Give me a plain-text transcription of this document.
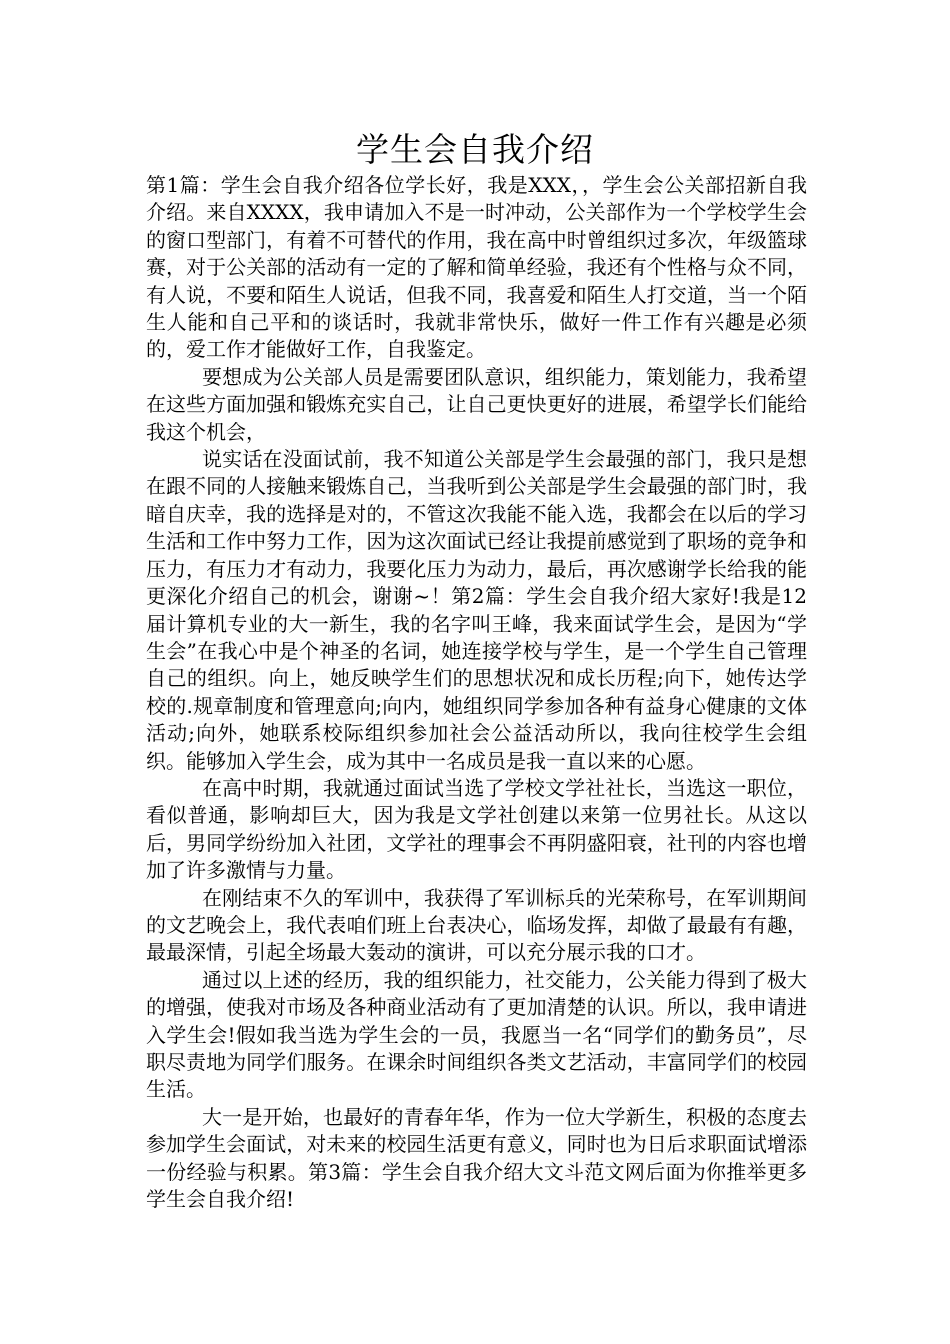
学生会自我介绍

第1篇：学生会自我介绍各位学长好，我是XXX，，学生会公关部招新自我介绍。来自XXXX，我申请加入不是一时冲动，公关部作为一个学校学生会的窗口型部门，有着不可替代的作用，我在高中时曾组织过多次，年级篮球赛，对于公关部的活动有一定的了解和简单经验，我还有个性格与众不同，有人说，不要和陌生人说话，但我不同，我喜爱和陌生人打交道，当一个陌生人能和自己平和的谈话时，我就非常快乐，做好一件工作有兴趣是必须的，爱工作才能做好工作，自我鉴定。

要想成为公关部人员是需要团队意识，组织能力，策划能力，我希望在这些方面加强和锻炼充实自己，让自己更快更好的进展，希望学长们能给我这个机会，

说实话在没面试前，我不知道公关部是学生会最强的部门，我只是想在跟不同的人接触来锻炼自己，当我听到公关部是学生会最强的部门时，我暗自庆幸，我的选择是对的，不管这次我能不能入选，我都会在以后的学习生活和工作中努力工作，因为这次面试已经让我提前感觉到了职场的竞争和压力，有压力才有动力，我要化压力为动力，最后，再次感谢学长给我的能更深化介绍自己的机会，谢谢~！第2篇：学生会自我介绍大家好!我是12届计算机专业的大一新生，我的名字叫王峰，我来面试学生会，是因为“学生会”在我心中是个神圣的名词，她连接学校与学生，是一个学生自己管理自己的组织。向上，她反映学生们的思想状况和成长历程;向下，她传达学校的.规章制度和管理意向;向内，她组织同学参加各种有益身心健康的文体活动;向外，她联系校际组织参加社会公益活动所以，我向往校学生会组织。能够加入学生会，成为其中一名成员是我一直以来的心愿。

在高中时期，我就通过面试当选了学校文学社社长，当选这一职位，看似普通，影响却巨大，因为我是文学社创建以来第一位男社长。从这以后，男同学纷纷加入社团，文学社的理事会不再阴盛阳衰，社刊的内容也增加了许多激情与力量。

在刚结束不久的军训中，我获得了军训标兵的光荣称号，在军训期间的文艺晚会上，我代表咱们班上台表决心，临场发挥，却做了最最有有趣，最最深情，引起全场最大轰动的演讲，可以充分展示我的口才。

通过以上述的经历，我的组织能力，社交能力，公关能力得到了极大的增强，使我对市场及各种商业活动有了更加清楚的认识。所以，我申请进入学生会!假如我当选为学生会的一员，我愿当一名“同学们的勤务员”，尽职尽责地为同学们服务。在课余时间组织各类文艺活动，丰富同学们的校园生活。

大一是开始，也最好的青春年华，作为一位大学新生，积极的态度去参加学生会面试，对未来的校园生活更有意义，同时也为日后求职面试增添一份经验与积累。第3篇：学生会自我介绍大文斗范文网后面为你推举更多学生会自我介绍!
